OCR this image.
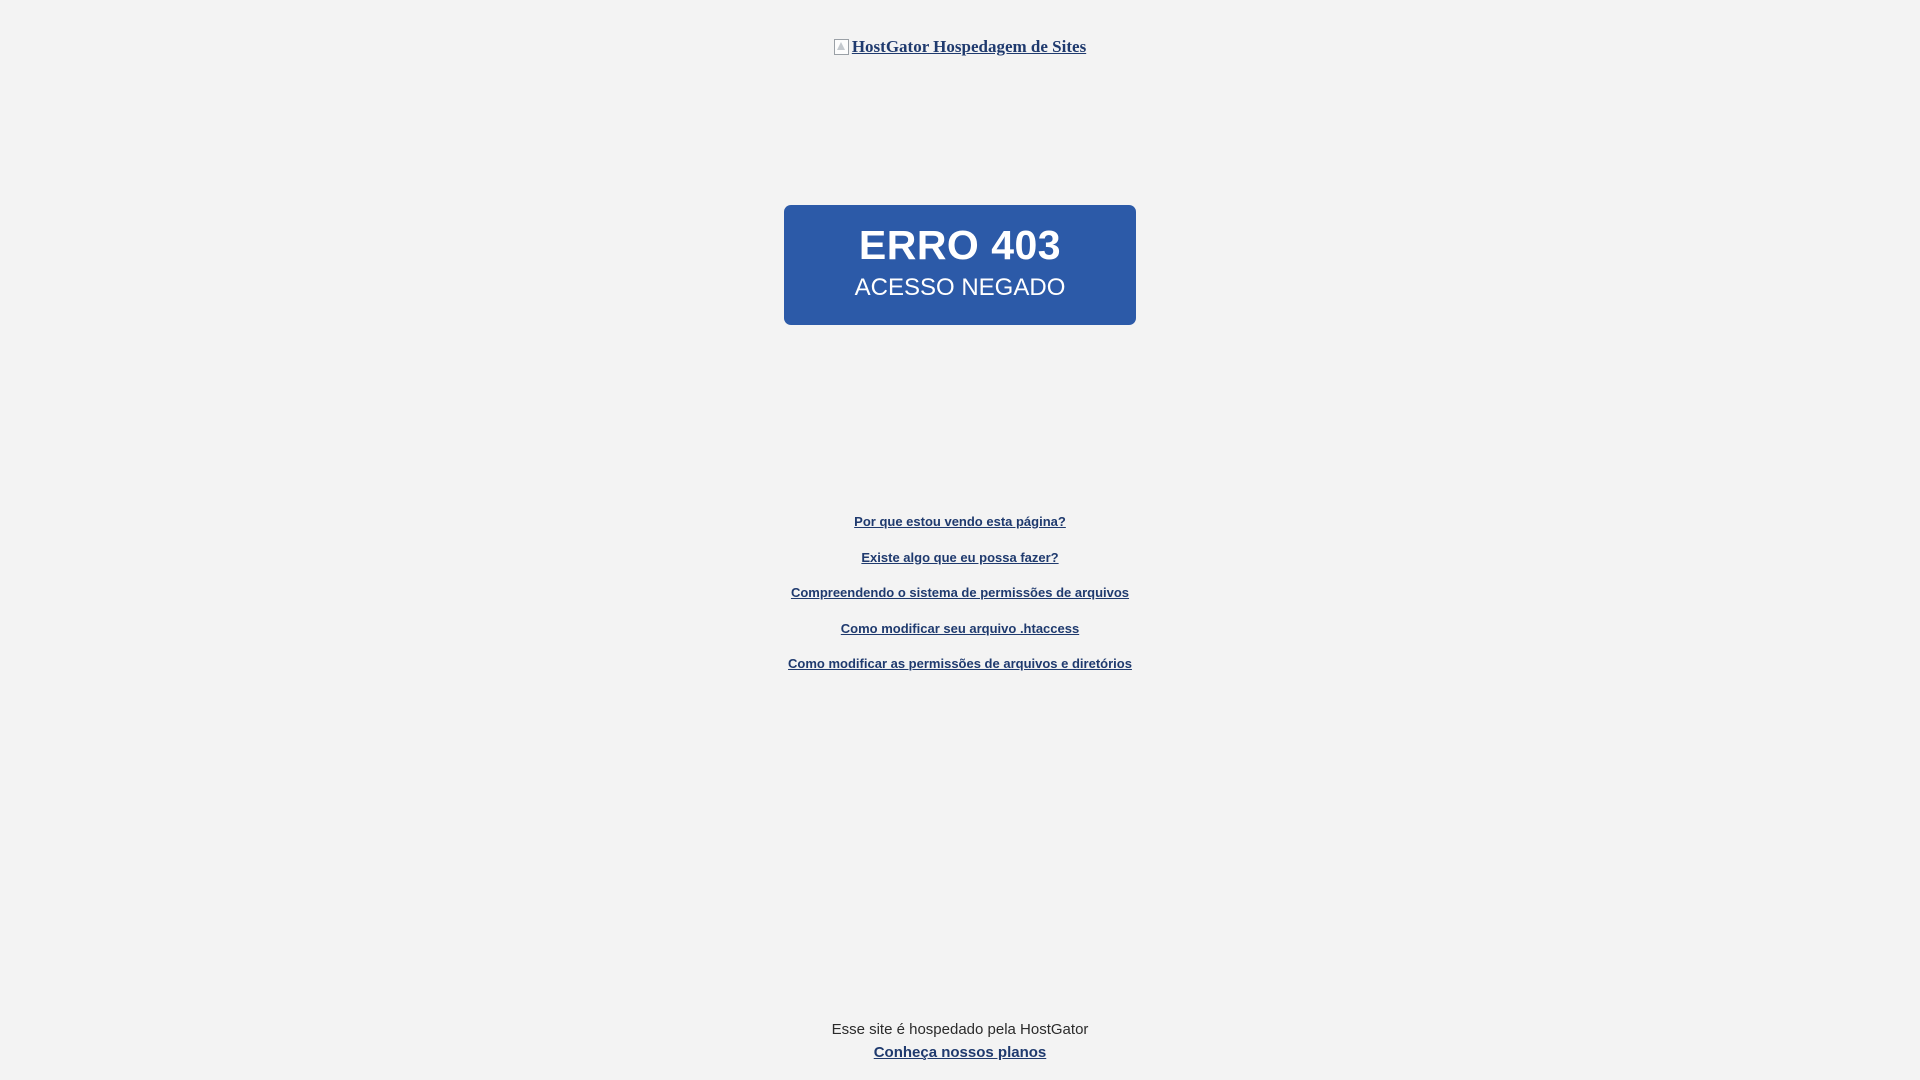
HostGator Hospedagem de Sites
ERRO 403
ACESSO NEGADO
Por que estou vendo esta página?
Existe algo que eu possa fazer?
Compreendendo o sistema de permissões de arquivos
Como modificar seu arquivo .htaccess
Como modificar as permissões de arquivos e diretórios
Esse site é hospedado pela HostGator
Conheça nossos planos
